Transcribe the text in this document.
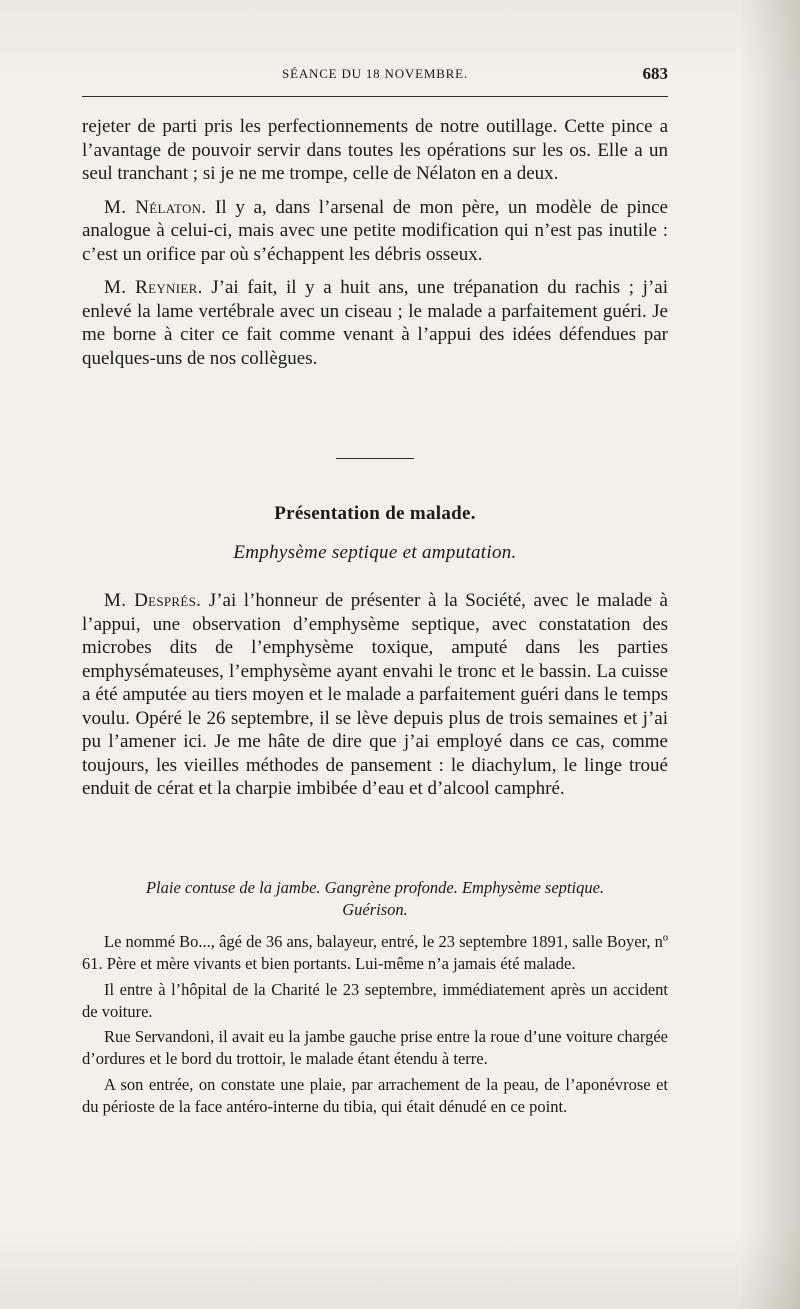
SÉANCE DU 18 NOVEMBRE.	683

rejeter de parti pris les perfectionnements de notre outillage. Cette pince a l’avantage de pouvoir servir dans toutes les opérations sur les os. Elle a un seul tranchant ; si je ne me trompe, celle de Nélaton en a deux.

M. Nélaton. Il y a, dans l’arsenal de mon père, un modèle de pince analogue à celui-ci, mais avec une petite modification qui n’est pas inutile : c’est un orifice par où s’échappent les débris osseux.

M. Reynier. J’ai fait, il y a huit ans, une trépanation du rachis ; j’ai enlevé la lame vertébrale avec un ciseau ; le malade a parfaitement guéri. Je me borne à citer ce fait comme venant à l’appui des idées défendues par quelques-uns de nos collègues.

Présentation de malade.
Emphysème septique et amputation.

M. Després. J’ai l’honneur de présenter à la Société, avec le malade à l’appui, une observation d’emphysème septique, avec constatation des microbes dits de l’emphysème toxique, amputé dans les parties emphysémateuses, l’emphysème ayant envahi le tronc et le bassin. La cuisse a été amputée au tiers moyen et le malade a parfaitement guéri dans le temps voulu. Opéré le 26 septembre, il se lève depuis plus de trois semaines et j’ai pu l’amener ici. Je me hâte de dire que j’ai employé dans ce cas, comme toujours, les vieilles méthodes de pansement : le diachylum, le linge troué enduit de cérat et la charpie imbibée d’eau et d’alcool camphré.

Plaie contuse de la jambe. Gangrène profonde. Emphysème septique.
Guérison.

Le nommé Bo..., âgé de 36 ans, balayeur, entré, le 23 septembre 1891, salle Boyer, nº 61. Père et mère vivants et bien portants. Lui-même n’a jamais été malade.

Il entre à l’hôpital de la Charité le 23 septembre, immédiatement après un accident de voiture.

Rue Servandoni, il avait eu la jambe gauche prise entre la roue d’une voiture chargée d’ordures et le bord du trottoir, le malade étant étendu à terre.

A son entrée, on constate une plaie, par arrachement de la peau, de l’aponévrose et du périoste de la face antéro-interne du tibia, qui était dénudé en ce point.
